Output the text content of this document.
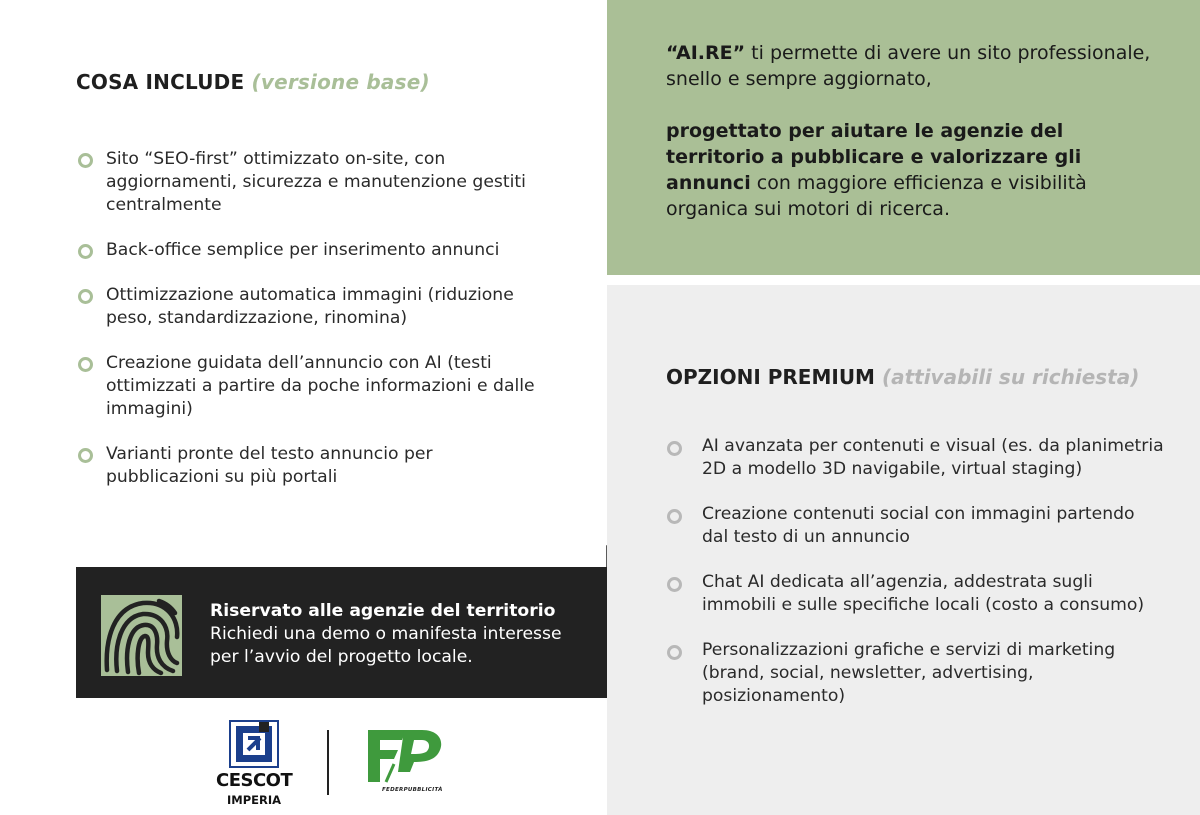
COSA INCLUDE (versione base)
Sito “SEO-first” ottimizzato on-site, con aggiornamenti, sicurezza e manutenzione gestiti centralmente
Back-office semplice per inserimento annunci
Ottimizzazione automatica immagini (riduzione peso, standardizzazione, rinomina)
Creazione guidata dell’annuncio con AI (testi ottimizzati a partire da poche informazioni e dalle immagini)
Varianti pronte del testo annuncio per pubblicazioni su più portali
Riservato alle agenzie del territorio
Richiedi una demo o manifesta interesse
per l’avvio del progetto locale.
CESCOT
IMPERIA
FEDERPUBBLICITÀ

“AI.RE” ti permette di avere un sito professionale, snello e sempre aggiornato,

progettato per aiutare le agenzie del territorio a pubblicare e valorizzare gli annunci con maggiore efficienza e visibilità organica sui motori di ricerca.

OPZIONI PREMIUM (attivabili su richiesta)
AI avanzata per contenuti e visual (es. da planimetria 2D a modello 3D navigabile, virtual staging)
Creazione contenuti social con immagini partendo dal testo di un annuncio
Chat AI dedicata all’agenzia, addestrata sugli immobili e sulle specifiche locali (costo a consumo)
Personalizzazioni grafiche e servizi di marketing (brand, social, newsletter, advertising, posizionamento)
